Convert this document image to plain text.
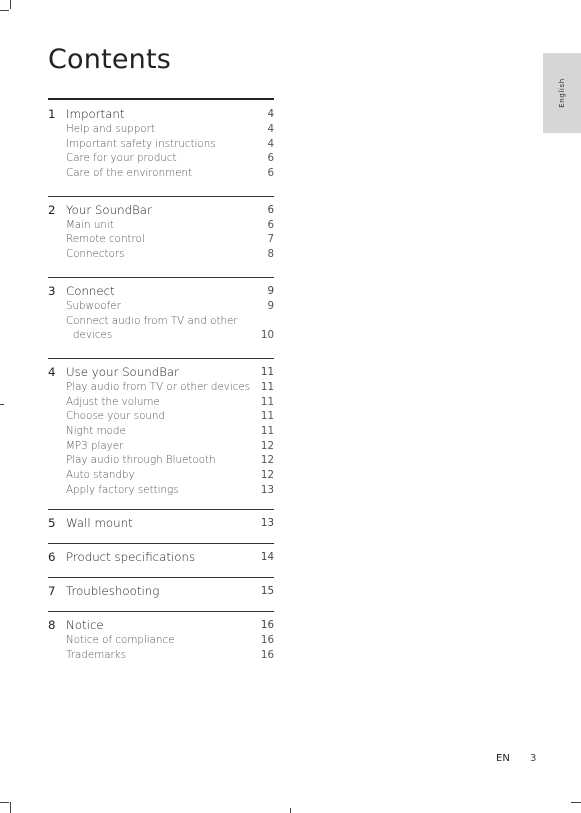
Contents
English
1 Important	4
Help and support	4
Important safety instructions	4
Care for your product	6
Care of the environment	6
2 Your SoundBar	6
Main unit	6
Remote control	7
Connectors	8
3 Connect	9
Subwoofer	9
Connect audio from TV and other
devices	10
4 Use your SoundBar	11
Play audio from TV or other devices 11
Adjust the volume	11
Choose your sound	11
Night mode	11
MP3 player	12
Play audio through Bluetooth	12
Auto standby	12
Apply factory settings	13
5 Wall mount	13
6 Product specifications	14
7 Troubleshooting	15
8 Notice	16
Notice of compliance	16
Trademarks	16
EN 3
